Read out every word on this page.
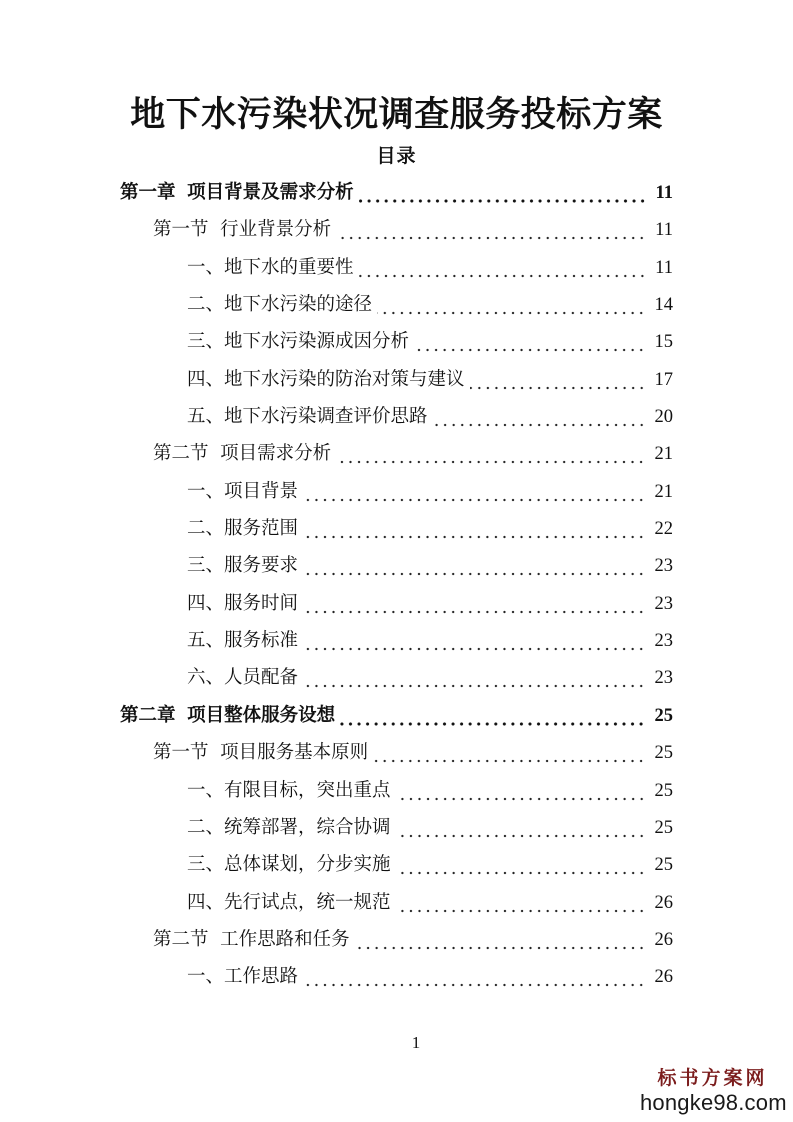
地下水污染状况调查服务投标方案
目录
第一章 项目背景及需求分析	11
第一节 行业背景分析	11
一、地下水的重要性	11
二、地下水污染的途径	14
三、地下水污染源成因分析	15
四、地下水污染的防治对策与建议	17
五、地下水污染调查评价思路	20
第二节 项目需求分析	21
一、项目背景	21
二、服务范围	22
三、服务要求	23
四、服务时间	23
五、服务标准	23
六、人员配备	23
第二章 项目整体服务设想	25
第一节 项目服务基本原则	25
一、有限目标，突出重点	25
二、统筹部署，综合协调	25
三、总体谋划，分步实施	25
四、先行试点，统一规范	26
第二节 工作思路和任务	26
一、工作思路	26
1
标书方案网
hongke98.com
